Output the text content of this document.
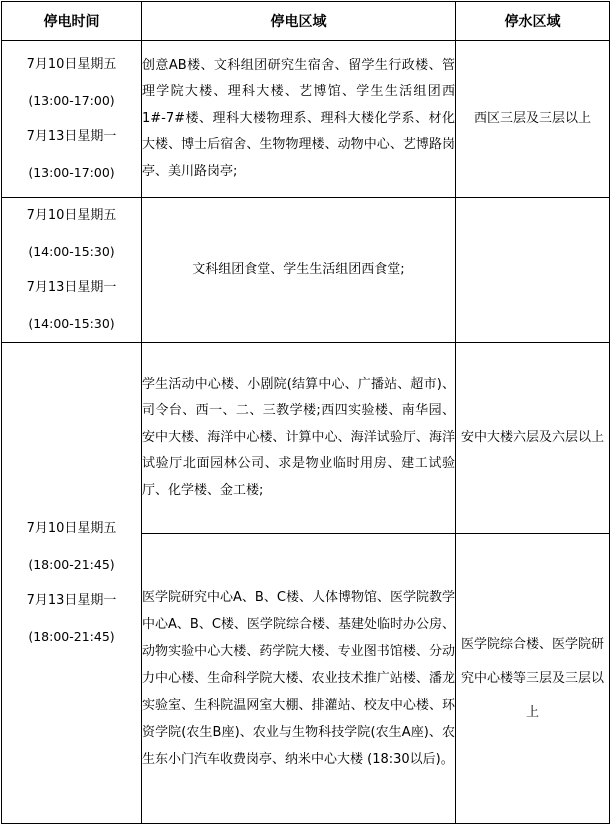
停电时间	停电区域	停水区域

7月10日星期五
(13:00-17:00)
7月13日星期一
(13:00-17:00)	创意AB楼、文科组团研究生宿舍、留学生行政楼、管理学院大楼、理科大楼、艺博馆、学生生活组团西1#-7#楼、理科大楼物理系、理科大楼化学系、材化大楼、博士后宿舍、生物物理楼、动物中心、艺博路岗亭、美川路岗亭;	西区三层及三层以上

7月10日星期五
(14:00-15:30)
7月13日星期一
(14:00-15:30)	文科组团食堂、学生生活组团西食堂;	

7月10日星期五
(18:00-21:45)
7月13日星期一
(18:00-21:45)	学生活动中心楼、小剧院(结算中心、广播站、超市)、司令台、西一、二、三教学楼;西四实验楼、南华园、安中大楼、海洋中心楼、计算中心、海洋试验厅、海洋试验厅北面园林公司、求是物业临时用房、建工试验厅、化学楼、金工楼;	安中大楼六层及六层以上
	医学院研究中心A、B、C楼、人体博物馆、医学院教学中心A、B、C楼、医学院综合楼、基建处临时办公房、动物实验中心大楼、药学院大楼、专业图书馆楼、分动力中心楼、生命科学院大楼、农业技术推广站楼、潘龙实验室、生科院温网室大棚、排灌站、校友中心楼、环资学院(农生B座)、农业与生物科技学院(农生A座)、农生东小门汽车收费岗亭、纳米中心大楼 (18:30以后)。	医学院综合楼、医学院研究中心楼等三层及三层以上
